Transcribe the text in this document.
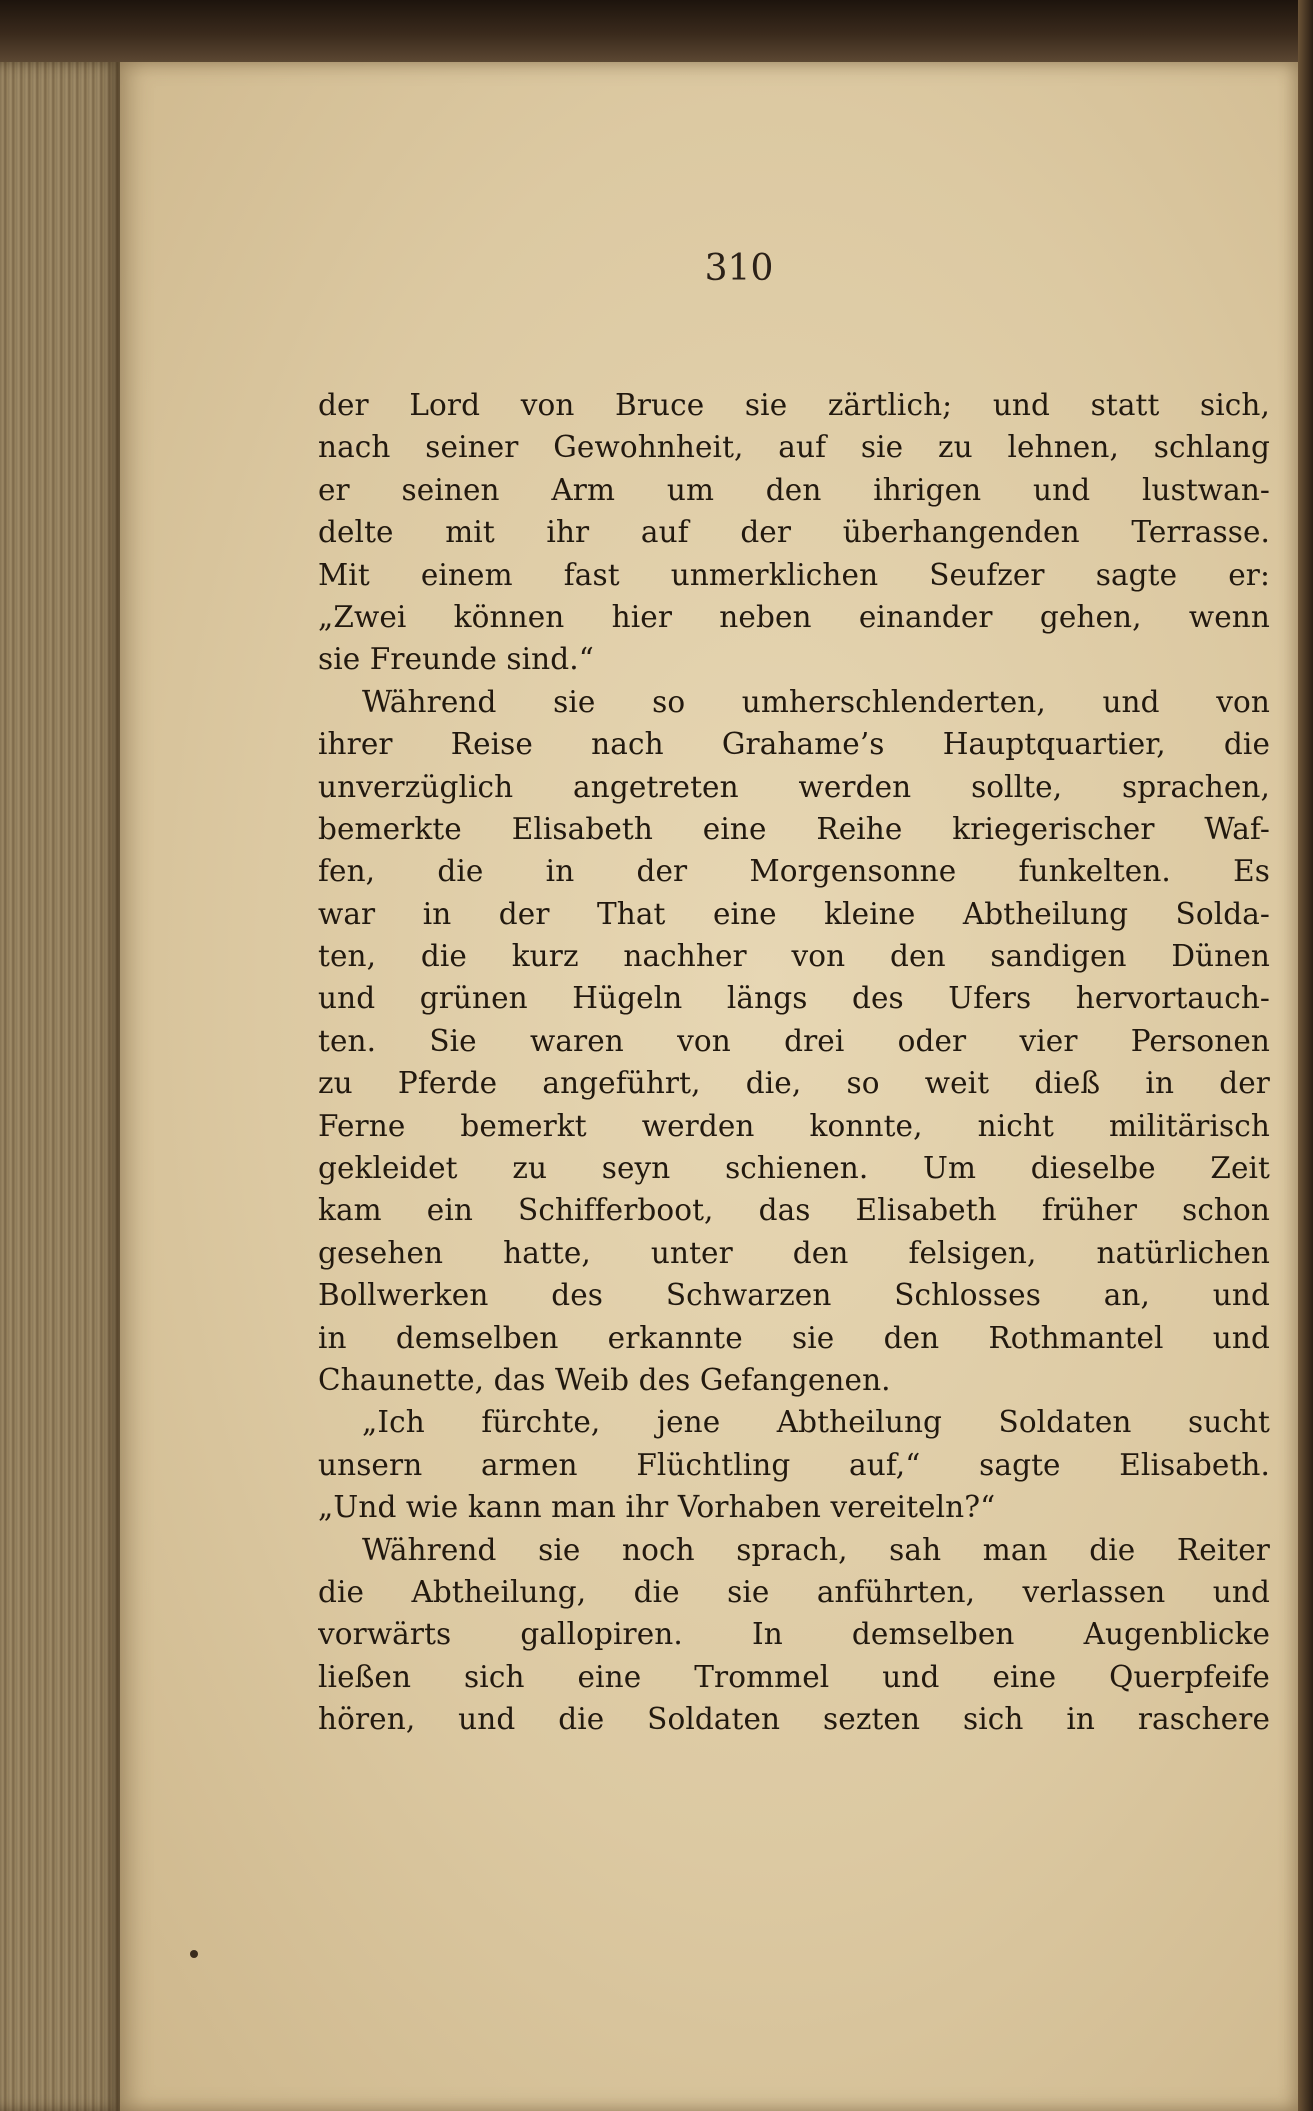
310
der Lord von Bruce sie zärtlich; und statt sich,
nach seiner Gewohnheit, auf sie zu lehnen, schlang
er seinen Arm um den ihrigen und lustwan-
delte mit ihr auf der überhangenden Terrasse.
Mit einem fast unmerklichen Seufzer sagte er:
„Zwei können hier neben einander gehen, wenn
sie Freunde sind.“
Während sie so umherschlenderten, und von
ihrer Reise nach Grahame’s Hauptquartier, die
unverzüglich angetreten werden sollte, sprachen,
bemerkte Elisabeth eine Reihe kriegerischer Waf-
fen, die in der Morgensonne funkelten. Es
war in der That eine kleine Abtheilung Solda-
ten, die kurz nachher von den sandigen Dünen
und grünen Hügeln längs des Ufers hervortauch-
ten. Sie waren von drei oder vier Personen
zu Pferde angeführt, die, so weit dieß in der
Ferne bemerkt werden konnte, nicht militärisch
gekleidet zu seyn schienen. Um dieselbe Zeit
kam ein Schifferboot, das Elisabeth früher schon
gesehen hatte, unter den felsigen, natürlichen
Bollwerken des Schwarzen Schlosses an, und
in demselben erkannte sie den Rothmantel und
Chaunette, das Weib des Gefangenen.
„Ich fürchte, jene Abtheilung Soldaten sucht
unsern armen Flüchtling auf,“ sagte Elisabeth.
„Und wie kann man ihr Vorhaben vereiteln?“
Während sie noch sprach, sah man die Reiter
die Abtheilung, die sie anführten, verlassen und
vorwärts gallopiren. In demselben Augenblicke
ließen sich eine Trommel und eine Querpfeife
hören, und die Soldaten sezten sich in raschere
